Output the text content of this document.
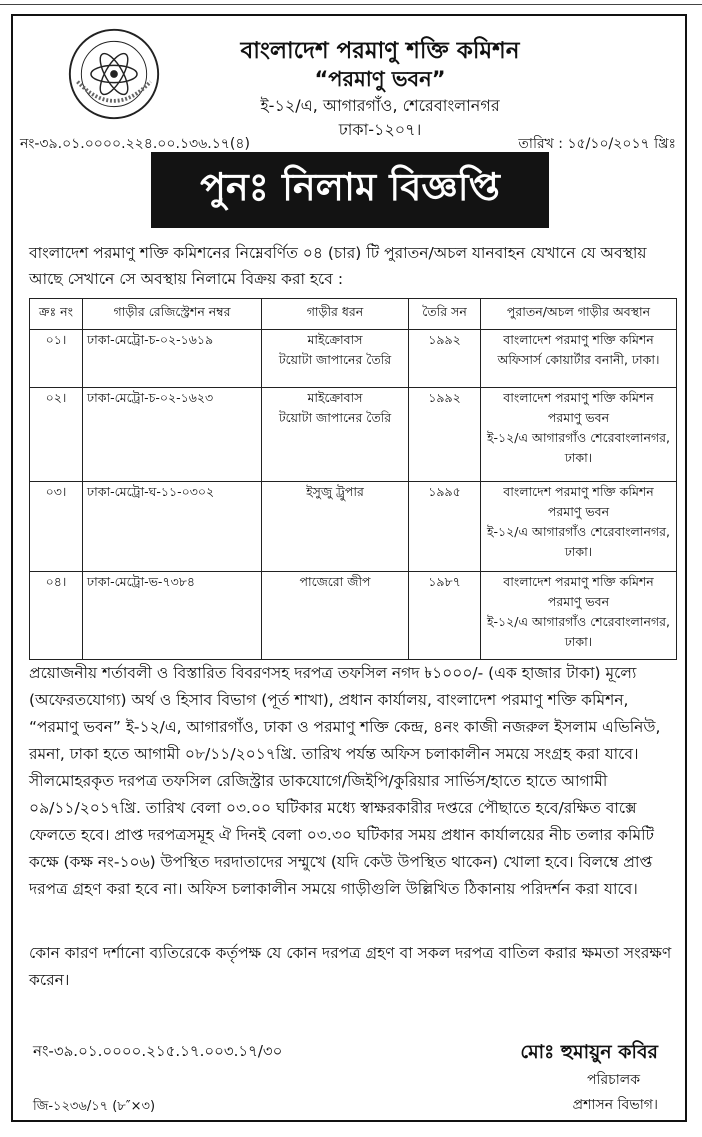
বাংলাদেশ পরমাণু শক্তি কমিশন
“পরমাণু ভবন”
ই-১২/এ, আগারগাঁও, শেরেবাংলানগর
ঢাকা-১২০৭।
নং-৩৯.০১.০০০০.২২৪.০০.১৩৬.১৭(৪)	তারিখ : ১৫/১০/২০১৭ খ্রিঃ
পুনঃ নিলাম বিজ্ঞপ্তি
বাংলাদেশ পরমাণু শক্তি কমিশনের নিম্নেবর্ণিত ০৪ (চার) টি পুরাতন/অচল যানবাহন যেখানে যে অবস্থায় আছে সেখানে সে অবস্থায় নিলামে বিক্রয় করা হবে :
ক্রঃ নং	গাড়ীর রেজিস্ট্রেশন নম্বর	গাড়ীর ধরন	তৈরি সন	পুরাতন/অচল গাড়ীর অবস্থান
০১।	ঢাকা-মেট্রো-চ-০২-১৬১৯	মাইক্রোবাস
টয়োটা জাপানের তৈরি	১৯৯২	বাংলাদেশ পরমাণু শক্তি কমিশন
অফিসার্স কোয়ার্টার বনানী, ঢাকা।
০২।	ঢাকা-মেট্রো-চ-০২-১৬২৩	মাইক্রোবাস
টয়োটা জাপানের তৈরি	১৯৯২	বাংলাদেশ পরমাণু শক্তি কমিশন
পরমাণু ভবন
ই-১২/এ আগারগাঁও শেরেবাংলানগর,
ঢাকা।
০৩।	ঢাকা-মেট্রো-ঘ-১১-০৩০২	ইসুজু ট্রুপার	১৯৯৫	বাংলাদেশ পরমাণু শক্তি কমিশন
পরমাণু ভবন
ই-১২/এ আগারগাঁও শেরেবাংলানগর,
ঢাকা।
০৪।	ঢাকা-মেট্রো-ভ-৭৩৮৪	পাজেরো জীপ	১৯৮৭	বাংলাদেশ পরমাণু শক্তি কমিশন
পরমাণু ভবন
ই-১২/এ আগারগাঁও শেরেবাংলানগর,
ঢাকা।
প্রয়োজনীয় শর্তাবলী ও বিস্তারিত বিবরণসহ দরপত্র তফসিল নগদ ৳১০০০/- (এক হাজার টাকা) মূল্যে (অফেরতযোগ্য) অর্থ ও হিসাব বিভাগ (পূর্ত শাখা), প্রধান কার্যালয়, বাংলাদেশ পরমাণু শক্তি কমিশন, “পরমাণু ভবন” ই-১২/এ, আগারগাঁও, ঢাকা ও পরমাণু শক্তি কেন্দ্র, ৪নং কাজী নজরুল ইসলাম এভিনিউ, রমনা, ঢাকা হতে আগামী ০৮/১১/২০১৭খ্রি. তারিখ পর্যন্ত অফিস চলাকালীন সময়ে সংগ্রহ করা যাবে। সীলমোহরকৃত দরপত্র তফসিল রেজিস্ট্রার ডাকযোগে/জিইপি/কুরিয়ার সার্ভিস/হাতে হাতে আগামী ০৯/১১/২০১৭খ্রি. তারিখ বেলা ০৩.০০ ঘটিকার মধ্যে স্বাক্ষরকারীর দপ্তরে পৌছাতে হবে/রক্ষিত বাক্সে ফেলতে হবে। প্রাপ্ত দরপত্রসমূহ ঐ দিনই বেলা ০৩.৩০ ঘটিকার সময় প্রধান কার্যালয়ের নীচ তলার কমিটি কক্ষে (কক্ষ নং-১০৬) উপস্থিত দরদাতাদের সম্মুখে (যদি কেউ উপস্থিত থাকেন) খোলা হবে। বিলম্বে প্রাপ্ত দরপত্র গ্রহণ করা হবে না। অফিস চলাকালীন সময়ে গাড়ীগুলি উল্লিখিত ঠিকানায় পরিদর্শন করা যাবে।
কোন কারণ দর্শানো ব্যতিরেকে কর্তৃপক্ষ যে কোন দরপত্র গ্রহণ বা সকল দরপত্র বাতিল করার ক্ষমতা সংরক্ষণ করেন।
নং-৩৯.০১.০০০০.২১৫.১৭.০০৩.১৭/৩০	মোঃ হুমায়ুন কবির
পরিচালক
প্রশাসন বিভাগ।
জি-১২৩৬/১৭ (৮″×৩)
